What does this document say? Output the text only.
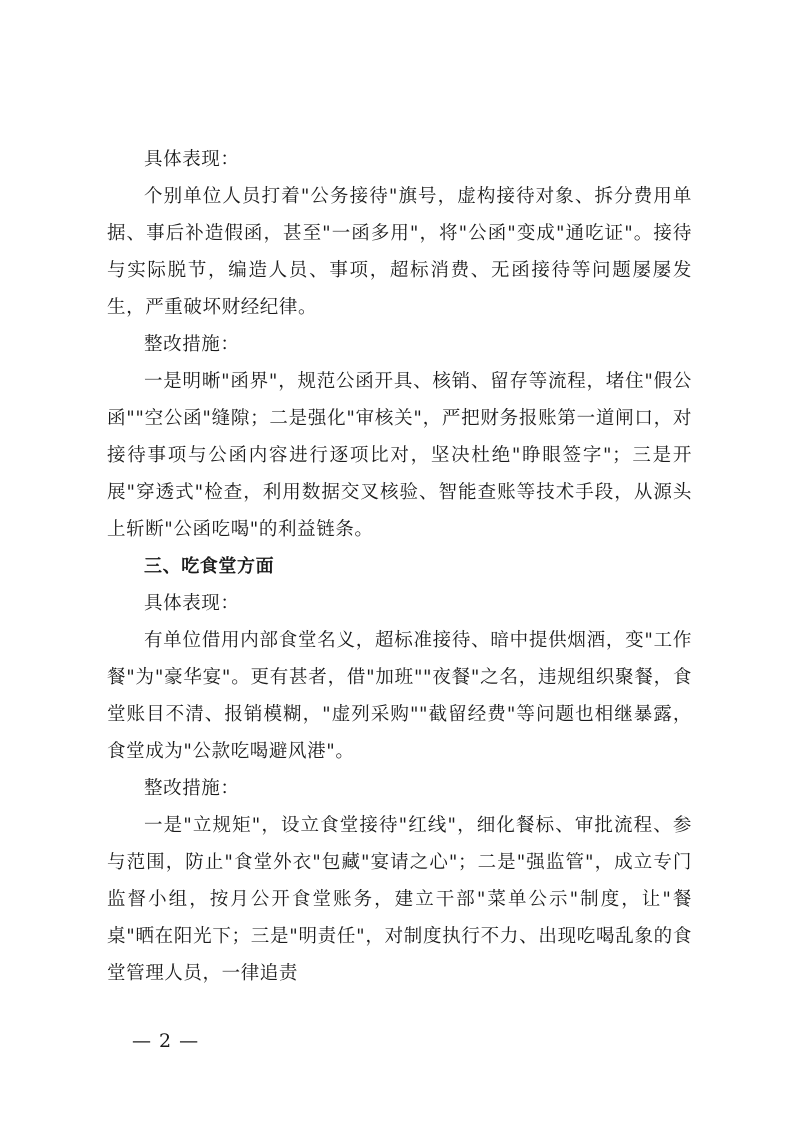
具体表现：

个别单位人员打着"公务接待"旗号，虚构接待对象、拆分费用单据、事后补造假函，甚至"一函多用"，将"公函"变成"通吃证"。接待与实际脱节，编造人员、事项，超标消费、无函接待等问题屡屡发生，严重破坏财经纪律。

整改措施：

一是明晰"函界"，规范公函开具、核销、留存等流程，堵住"假公函""空公函"缝隙；二是强化"审核关"，严把财务报账第一道闸口，对接待事项与公函内容进行逐项比对，坚决杜绝"睁眼签字"；三是开展"穿透式"检查，利用数据交叉核验、智能查账等技术手段，从源头上斩断"公函吃喝"的利益链条。

三、吃食堂方面

具体表现：

有单位借用内部食堂名义，超标准接待、暗中提供烟酒，变"工作餐"为"豪华宴"。更有甚者，借"加班""夜餐"之名，违规组织聚餐，食堂账目不清、报销模糊，"虚列采购""截留经费"等问题也相继暴露，食堂成为"公款吃喝避风港"。

整改措施：

一是"立规矩"，设立食堂接待"红线"，细化餐标、审批流程、参与范围，防止"食堂外衣"包藏"宴请之心"；二是"强监管"，成立专门监督小组，按月公开食堂账务，建立干部"菜单公示"制度，让"餐桌"晒在阳光下；三是"明责任"，对制度执行不力、出现吃喝乱象的食堂管理人员，一律追责

— 2 —
